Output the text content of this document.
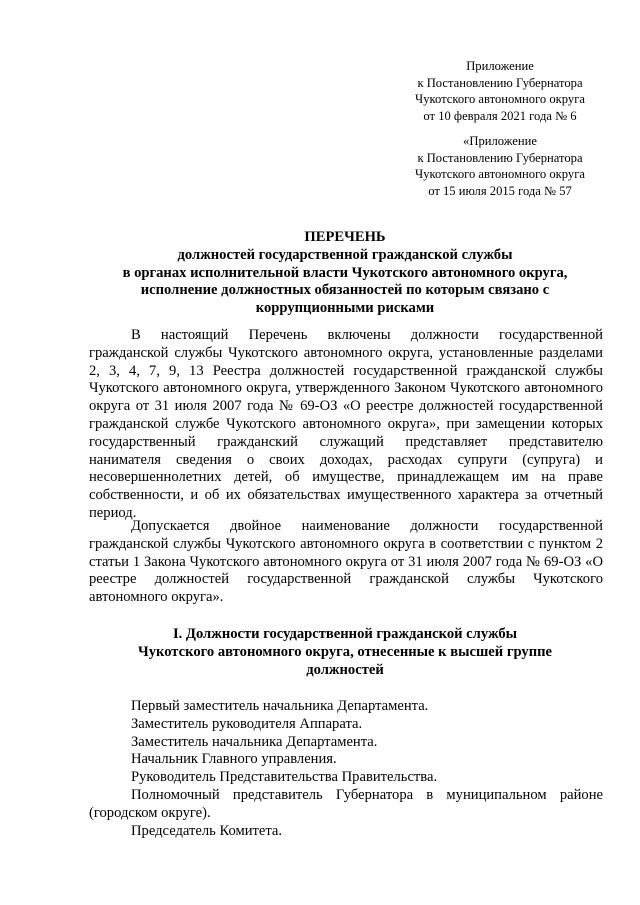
Приложение
к Постановлению Губернатора
Чукотского автономного округа
от 10 февраля 2021 года № 6
«Приложение
к Постановлению Губернатора
Чукотского автономного округа
от 15 июля 2015 года № 57
ПЕРЕЧЕНЬ
должностей государственной гражданской службы
в органах исполнительной власти Чукотского автономного округа,
исполнение должностных обязанностей по которым связано с
коррупционными рисками
В настоящий Перечень включены должности государственной гражданской службы Чукотского автономного округа, установленные разделами 2, 3, 4, 7, 9, 13 Реестра должностей государственной гражданской службы Чукотского автономного округа, утвержденного Законом Чукотского автономного округа от 31 июля 2007 года № 69-ОЗ «О реестре должностей государственной гражданской службе Чукотского автономного округа», при замещении которых государственный гражданский служащий представляет представителю нанимателя сведения о своих доходах, расходах супруги (супруга) и несовершеннолетних детей, об имуществе, принадлежащем им на праве собственности, и об их обязательствах имущественного характера за отчетный период.
Допускается двойное наименование должности государственной гражданской службы Чукотского автономного округа в соответствии с пунктом 2 статьи 1 Закона Чукотского автономного округа от 31 июля 2007 года № 69-ОЗ «О реестре должностей государственной гражданской службы Чукотского автономного округа».
I. Должности государственной гражданской службы
Чукотского автономного округа, отнесенные к высшей группе
должностей
Первый заместитель начальника Департамента.
Заместитель руководителя Аппарата.
Заместитель начальника Департамента.
Начальник Главного управления.
Руководитель Представительства Правительства.
Полномочный представитель Губернатора в муниципальном районе (городском округе).
Председатель Комитета.
